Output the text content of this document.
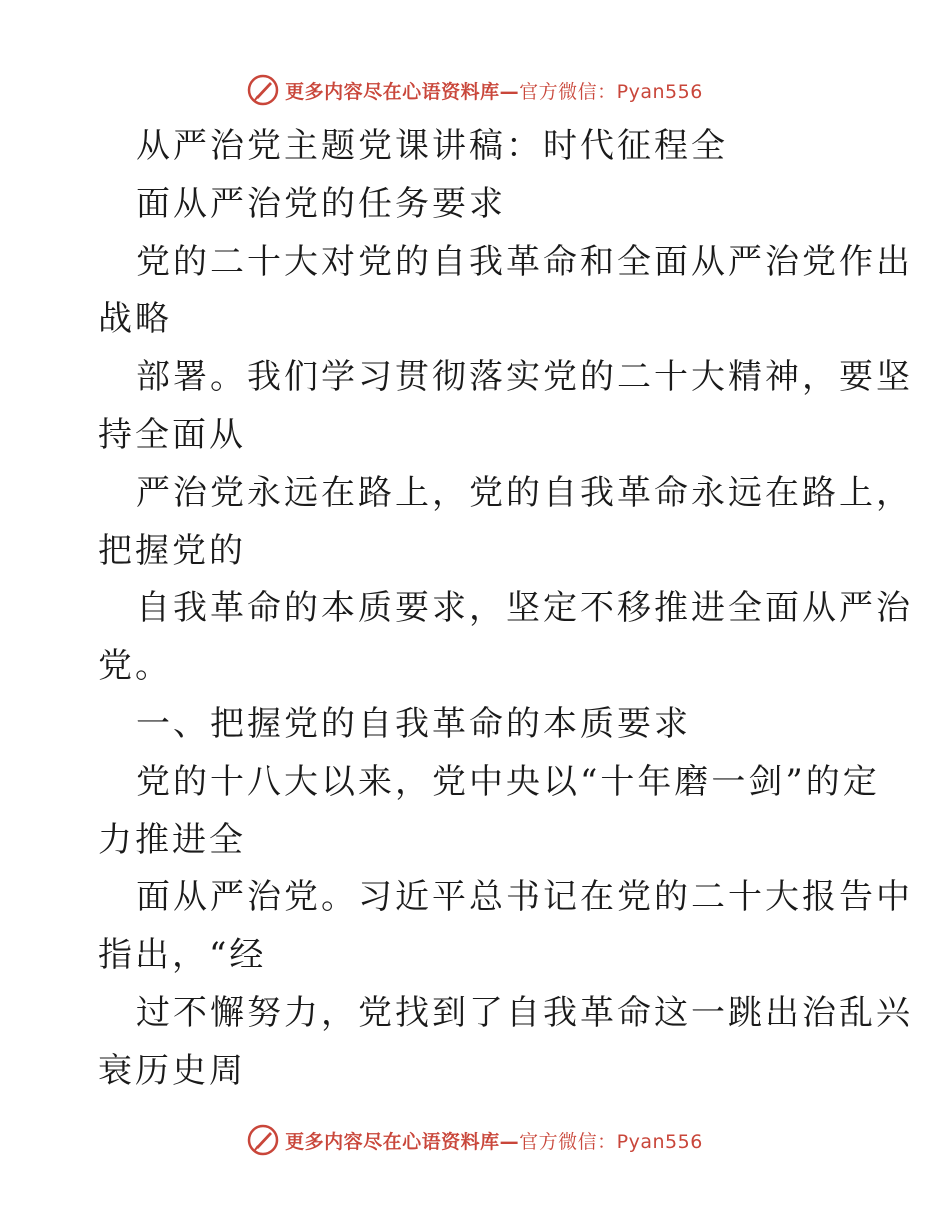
更多内容尽在心语资料库—官方微信：Pyan556
从严治党主题党课讲稿：时代征程全
面从严治党的任务要求
党的二十大对党的自我革命和全面从严治党作出
战略
部署。我们学习贯彻落实党的二十大精神，要坚
持全面从
严治党永远在路上，党的自我革命永远在路上，
把握党的
自我革命的本质要求，坚定不移推进全面从严治
党。
一、把握党的自我革命的本质要求
党的十八大以来，党中央以“十年磨一剑”的定
力推进全
面从严治党。习近平总书记在党的二十大报告中
指出，“经
过不懈努力，党找到了自我革命这一跳出治乱兴
衰历史周
更多内容尽在心语资料库—官方微信：Pyan556
